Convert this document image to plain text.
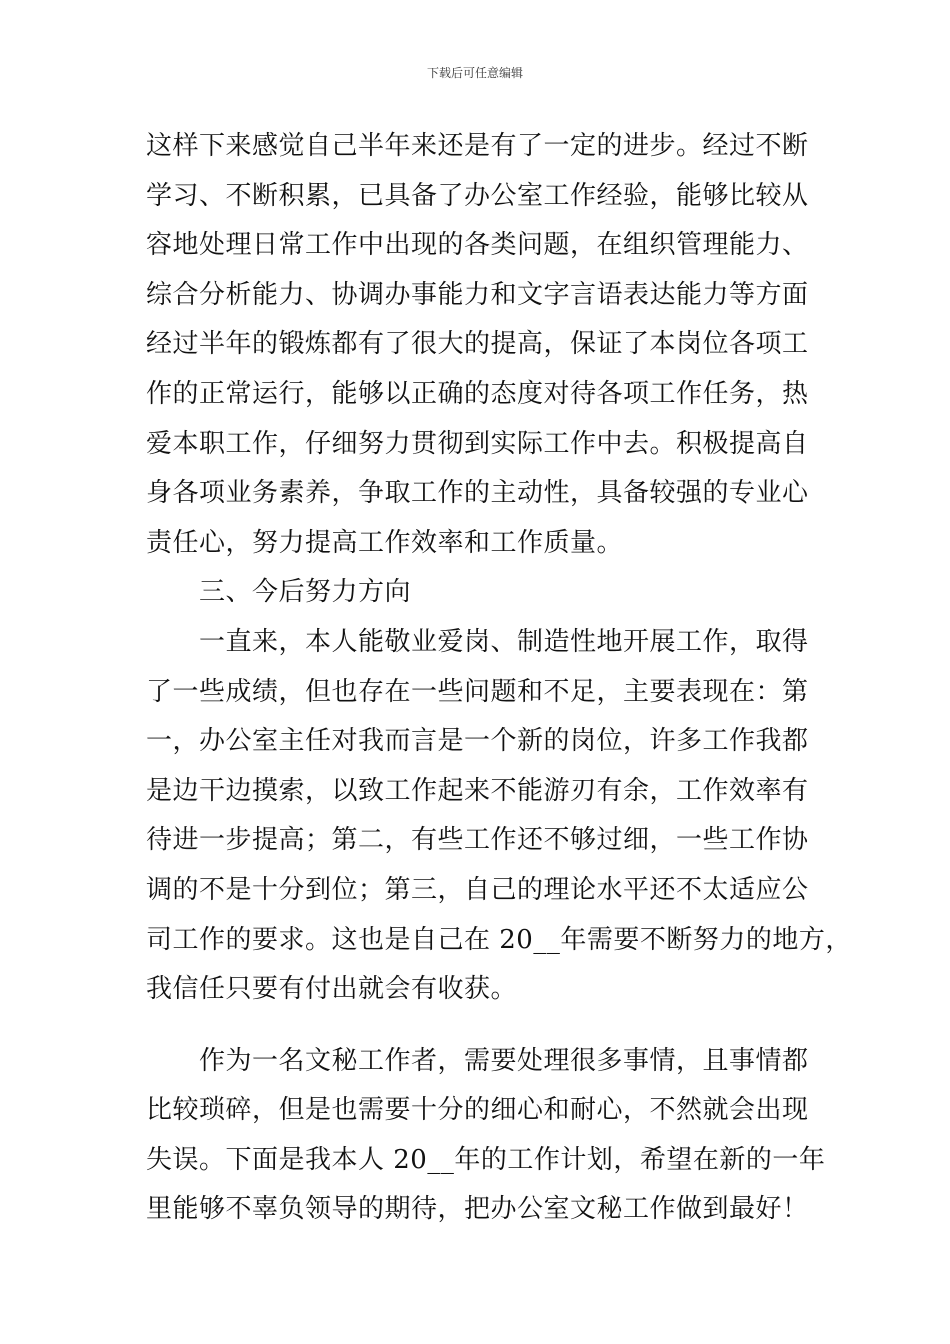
下载后可任意编辑
这样下来感觉自己半年来还是有了一定的进步。经过不断
学习、不断积累，已具备了办公室工作经验，能够比较从
容地处理日常工作中出现的各类问题，在组织管理能力、
综合分析能力、协调办事能力和文字言语表达能力等方面
经过半年的锻炼都有了很大的提高，保证了本岗位各项工
作的正常运行，能够以正确的态度对待各项工作任务，热
爱本职工作，仔细努力贯彻到实际工作中去。积极提高自
身各项业务素养，争取工作的主动性，具备较强的专业心
责任心，努力提高工作效率和工作质量。
　　三、今后努力方向
　　一直来，本人能敬业爱岗、制造性地开展工作，取得
了一些成绩，但也存在一些问题和不足，主要表现在：第
一，办公室主任对我而言是一个新的岗位，许多工作我都
是边干边摸索，以致工作起来不能游刃有余，工作效率有
待进一步提高；第二，有些工作还不够过细，一些工作协
调的不是十分到位；第三，自己的理论水平还不太适应公
司工作的要求。这也是自己在 20__年需要不断努力的地方，
我信任只要有付出就会有收获。
　　作为一名文秘工作者，需要处理很多事情，且事情都
比较琐碎，但是也需要十分的细心和耐心，不然就会出现
失误。下面是我本人 20__年的工作计划，希望在新的一年
里能够不辜负领导的期待，把办公室文秘工作做到最好！
